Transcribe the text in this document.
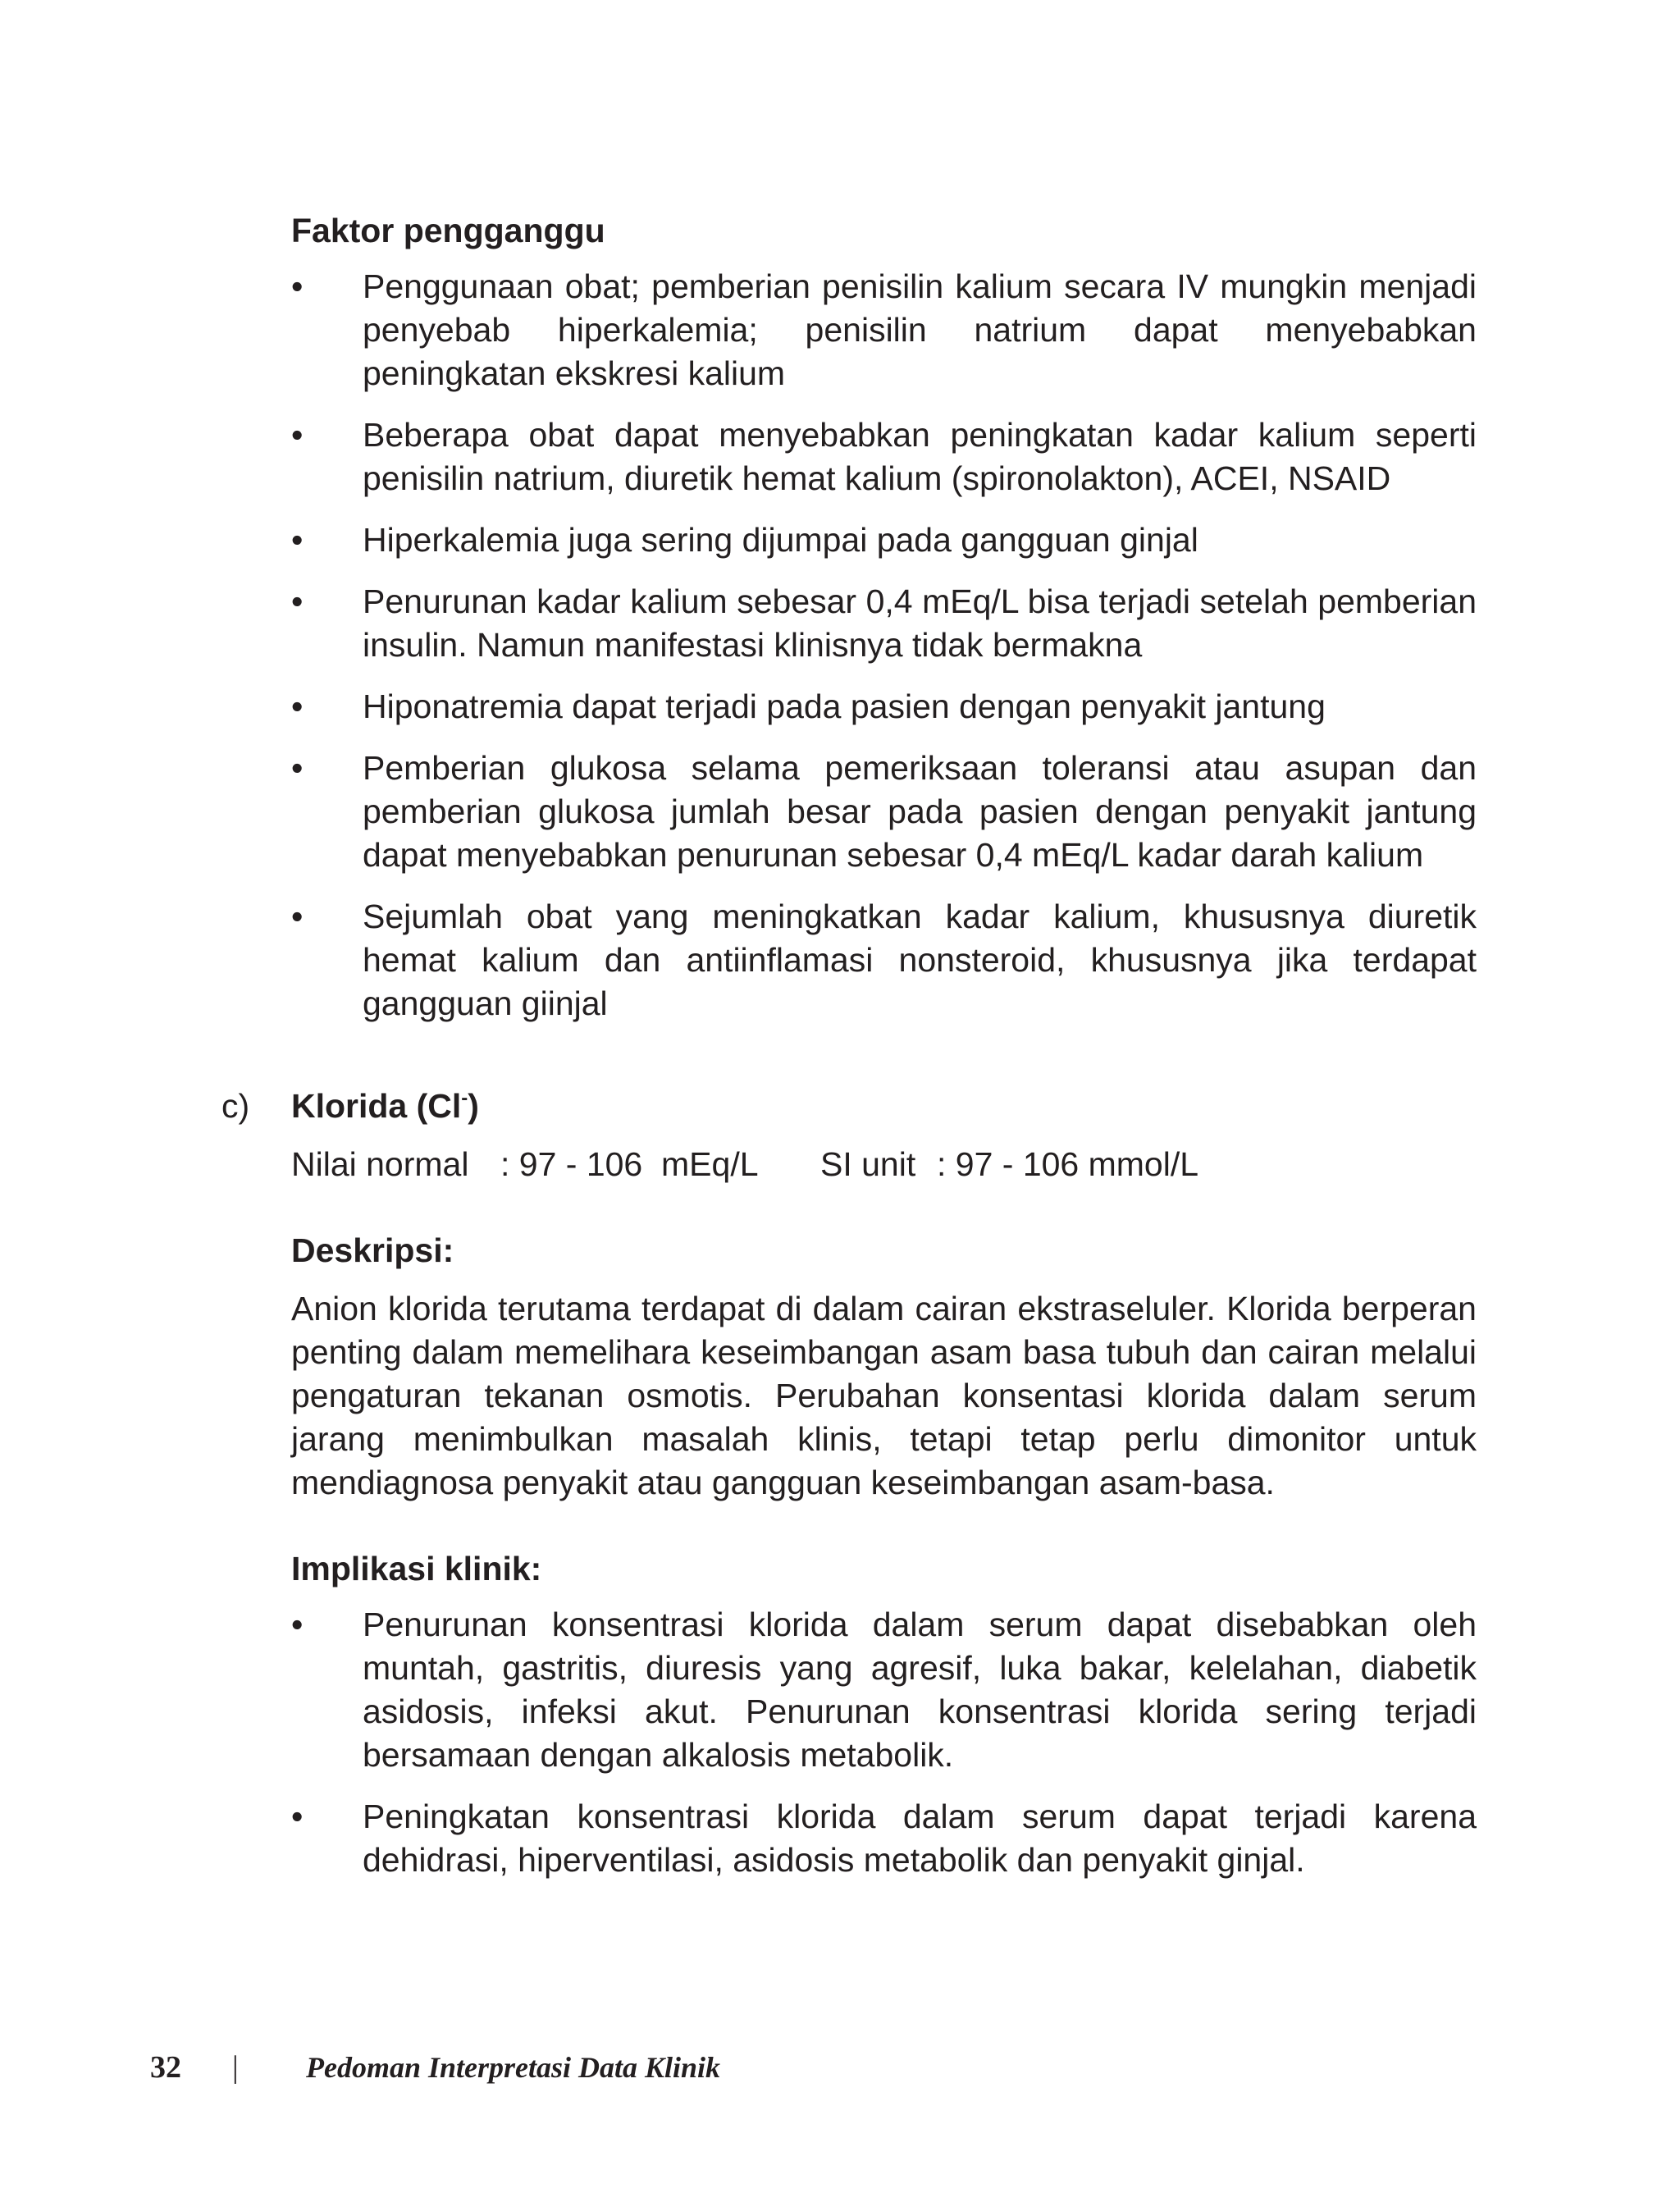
Faktor pengganggu

•	Penggunaan obat; pemberian penisilin kalium secara IV mungkin menjadi penyebab hiperkalemia; penisilin natrium dapat menyebabkan peningkatan ekskresi kalium
•	Beberapa obat dapat menyebabkan peningkatan kadar kalium seperti penisilin natrium, diuretik hemat kalium (spironolakton), ACEI, NSAID
•	Hiperkalemia juga sering dijumpai pada gangguan ginjal
•	Penurunan kadar kalium sebesar 0,4 mEq/L bisa terjadi setelah pemberian insulin. Namun manifestasi klinisnya tidak bermakna
•	Hiponatremia dapat terjadi pada pasien dengan penyakit jantung
•	Pemberian glukosa selama pemeriksaan toleransi atau asupan dan pemberian glukosa jumlah besar pada pasien dengan penyakit jantung dapat menyebabkan penurunan sebesar 0,4 mEq/L kadar darah kalium
•	Sejumlah obat yang meningkatkan kadar kalium, khususnya diuretik hemat kalium dan antiinflamasi nonsteroid, khususnya jika terdapat gangguan giinjal
c) Klorida (Cl-)

Nilai normal : 97 - 106  mEq/L SI unit : 97 - 106 mmol/L

Deskripsi:

Anion klorida terutama terdapat di dalam cairan ekstraseluler. Klorida berperan penting dalam memelihara keseimbangan asam basa tubuh dan cairan melalui pengaturan tekanan osmotis. Perubahan konsentasi klorida dalam serum jarang menimbulkan masalah klinis, tetapi tetap perlu dimonitor untuk mendiagnosa penyakit atau gangguan keseimbangan asam-basa.

Implikasi klinik:

•	Penurunan konsentrasi klorida dalam serum dapat disebabkan oleh muntah, gastritis, diuresis yang agresif, luka bakar, kelelahan, diabetik asidosis, infeksi akut. Penurunan konsentrasi klorida sering terjadi bersamaan dengan alkalosis metabolik.
•	Peningkatan konsentrasi klorida dalam serum dapat terjadi karena dehidrasi, hiperventilasi, asidosis metabolik dan penyakit ginjal.
32 | Pedoman Interpretasi Data Klinik
